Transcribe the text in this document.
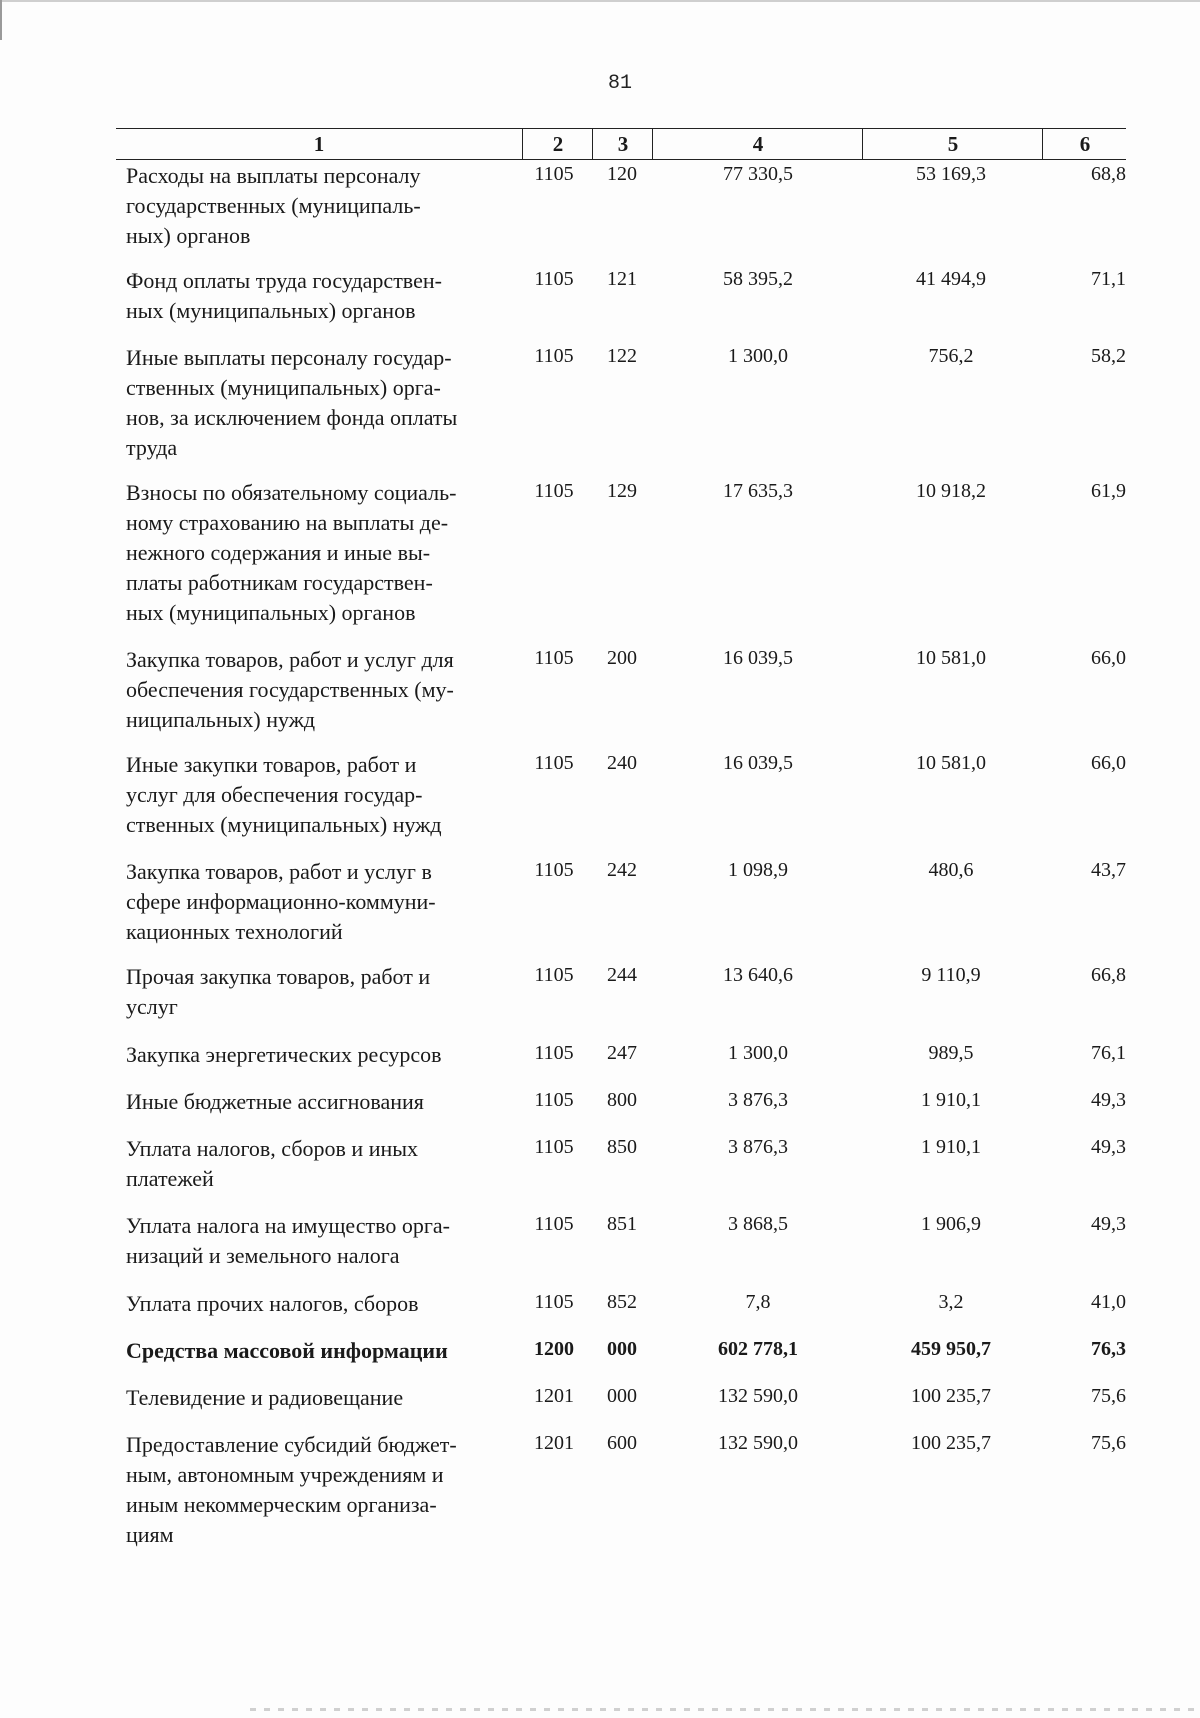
81
1	2	3	4	5	6
Расходы на выплаты персоналу
государственных (муниципаль-
ных) органов
1105	120	77 330,5	53 169,3	68,8
Фонд оплаты труда государствен-
ных (муниципальных) органов
1105	121	58 395,2	41 494,9	71,1
Иные выплаты персоналу государ-
ственных (муниципальных) орга-
нов, за исключением фонда оплаты
труда
1105	122	1 300,0	756,2	58,2
Взносы по обязательному социаль-
ному страхованию на выплаты де-
нежного содержания и иные вы-
платы работникам государствен-
ных (муниципальных) органов
1105	129	17 635,3	10 918,2	61,9
Закупка товаров, работ и услуг для
обеспечения государственных (му-
ниципальных) нужд
1105	200	16 039,5	10 581,0	66,0
Иные закупки товаров, работ и
услуг для обеспечения государ-
ственных (муниципальных) нужд
1105	240	16 039,5	10 581,0	66,0
Закупка товаров, работ и услуг в
сфере информационно-коммуни-
кационных технологий
1105	242	1 098,9	480,6	43,7
Прочая закупка товаров, работ и
услуг
1105	244	13 640,6	9 110,9	66,8
Закупка энергетических ресурсов	1105	247	1 300,0	989,5	76,1
Иные бюджетные ассигнования	1105	800	3 876,3	1 910,1	49,3
Уплата налогов, сборов и иных
платежей
1105	850	3 876,3	1 910,1	49,3
Уплата налога на имущество орга-
низаций и земельного налога
1105	851	3 868,5	1 906,9	49,3
Уплата прочих налогов, сборов	1105	852	7,8	3,2	41,0
Средства массовой информации	1200	000	602 778,1	459 950,7	76,3
Телевидение и радиовещание	1201	000	132 590,0	100 235,7	75,6
Предоставление субсидий бюджет-
ным, автономным учреждениям и
иным некоммерческим организа-
циям
1201	600	132 590,0	100 235,7	75,6
